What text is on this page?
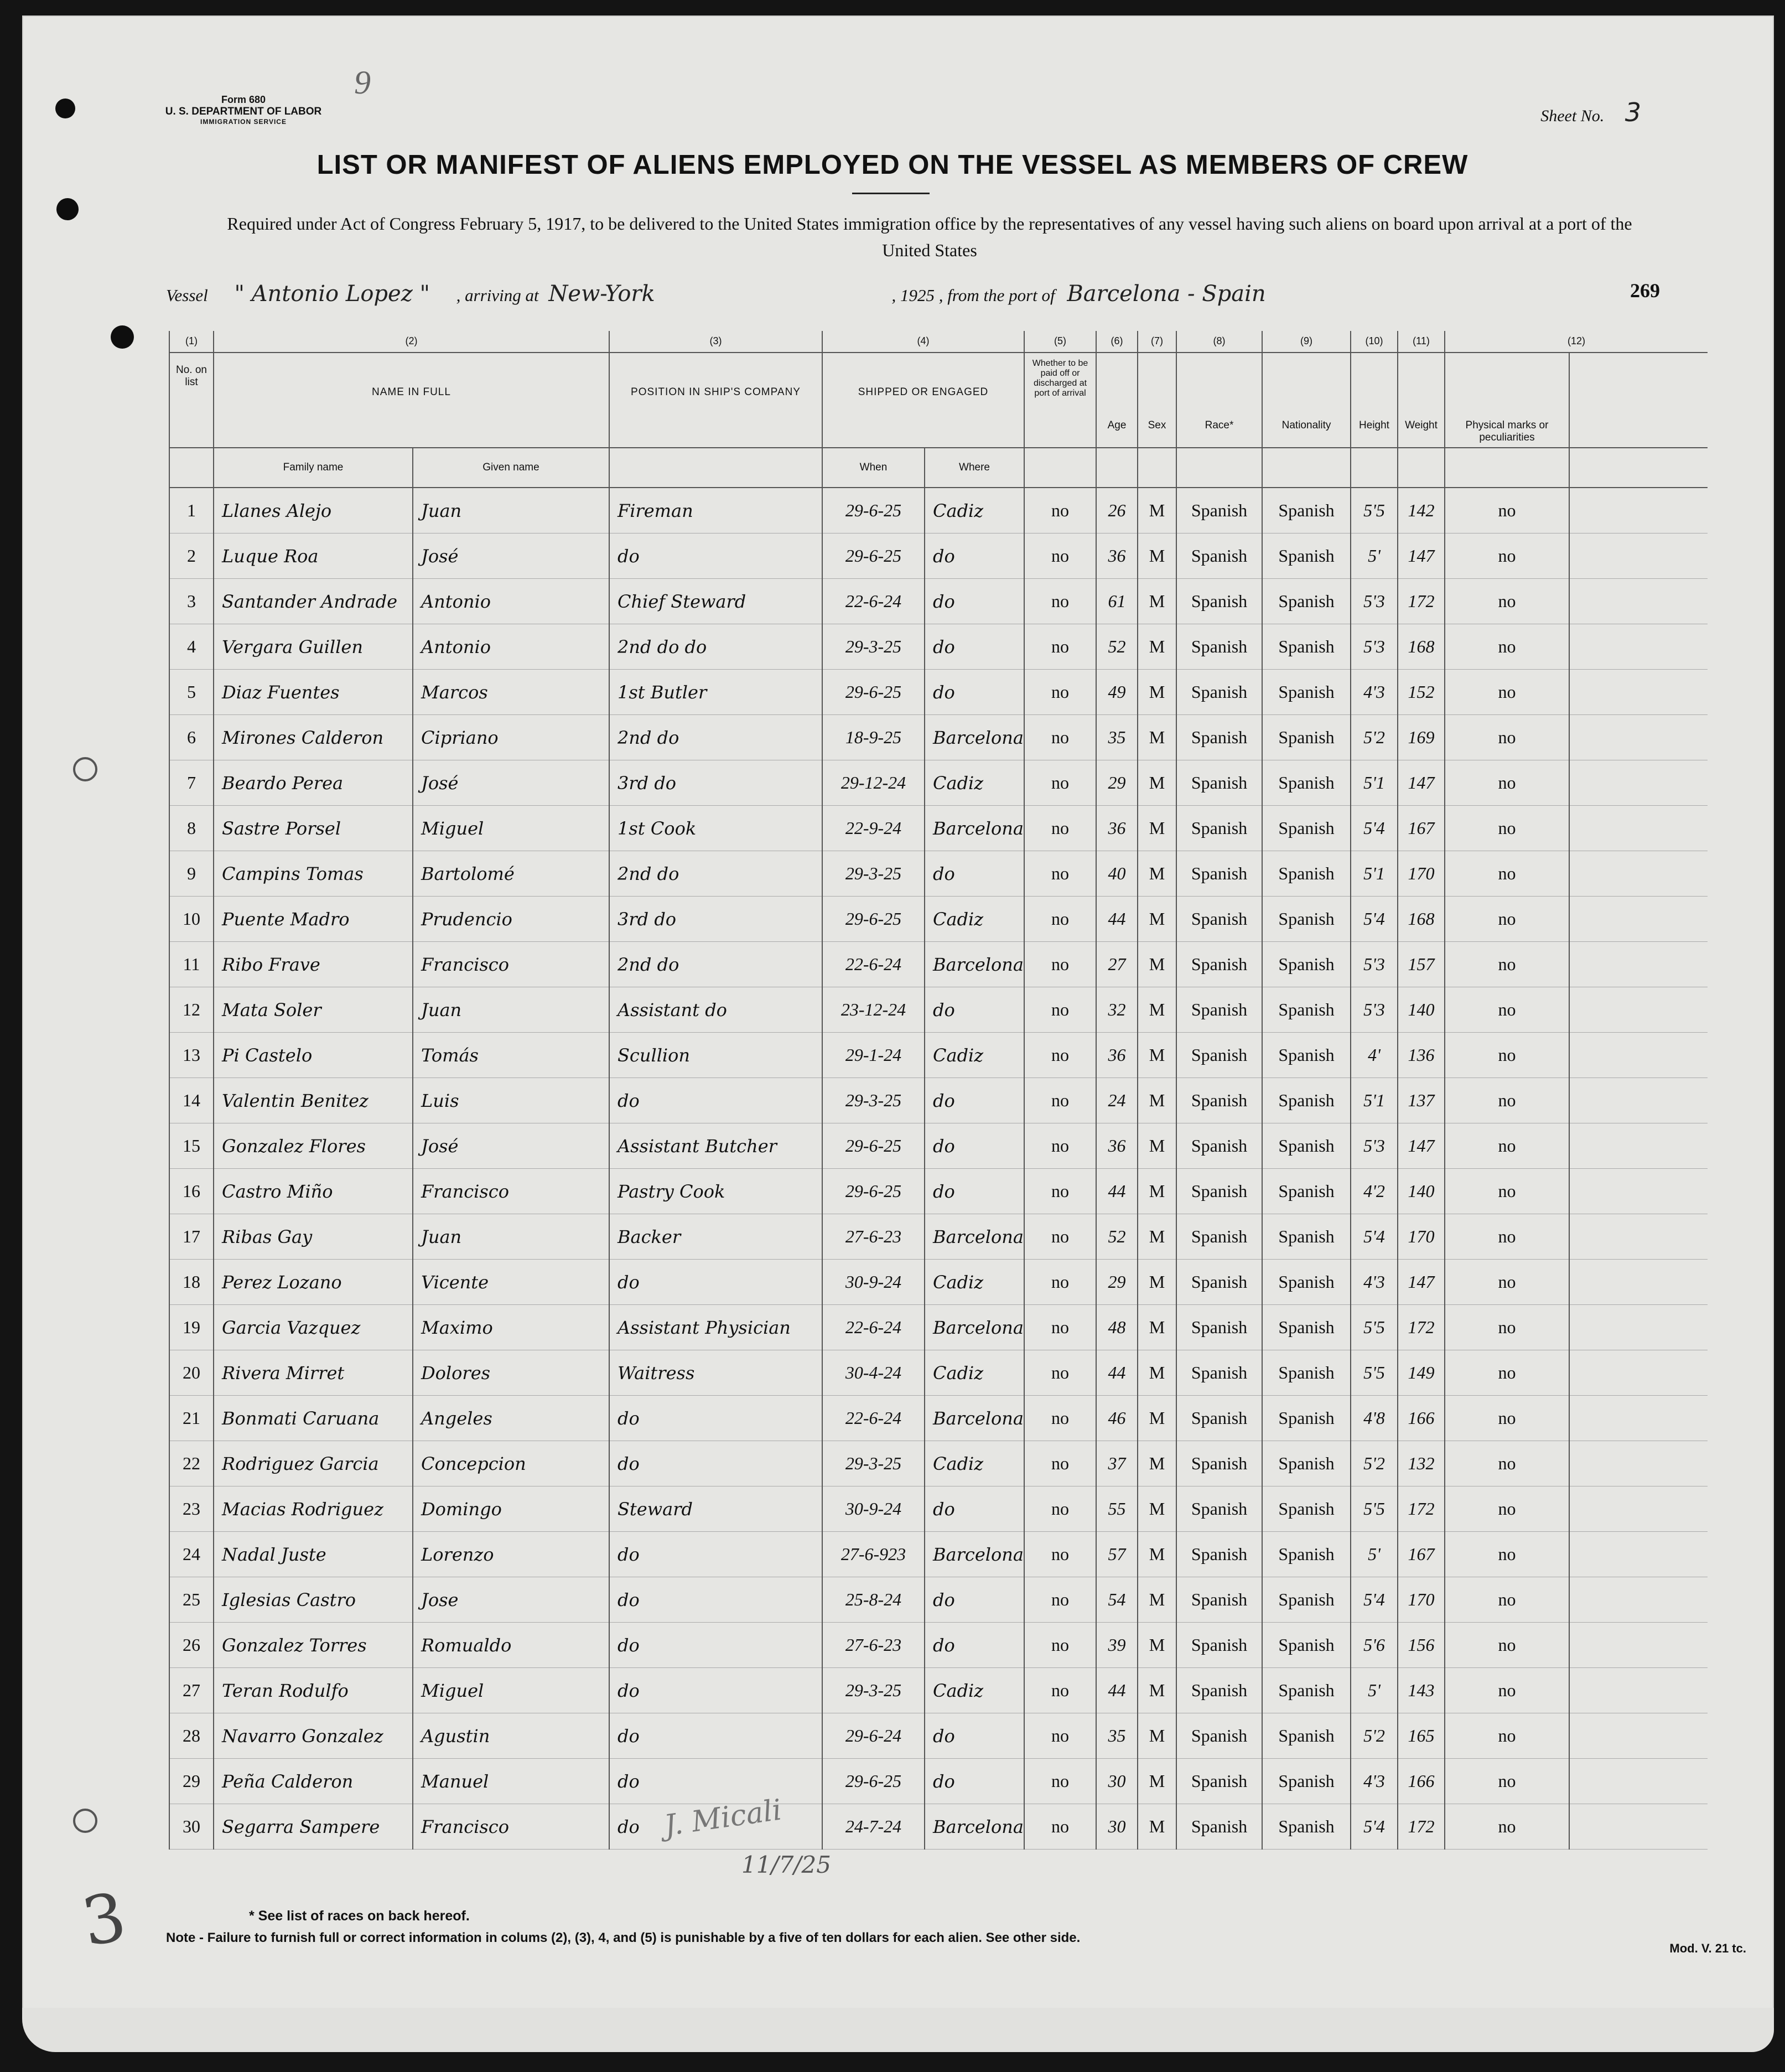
Form 680
U. S. DEPARTMENT OF LABOR
IMMIGRATION SERVICE
9
Sheet No. 3
LIST OR MANIFEST OF ALIENS EMPLOYED ON THE VESSEL AS MEMBERS OF CREW
Required under Act of Congress February 5, 1917, to be delivered to the United States immigration office by the representatives of any vessel having such aliens on board upon arrival at a port of the United States
Vessel " Antonio Lopez " , arriving at New-York	, 1925 , from the port of Barcelona - Spain	269
(1)	(2)		(3)	(4)		(5)	(6)	(7)	(8)	(9)	(10)	(11)	(12)	
No. on list	NAME IN FULL		POSITION IN SHIP'S COMPANY	SHIPPED OR ENGAGED		Whether to be paid off or discharged at port of arrival	Age	Sex	Race*	Nationality	Height	Weight	Physical marks or peculiarities	
	Family name	Given name		When	Where									
1	Llanes Alejo	Juan	Fireman	29-6-25	Cadiz	no	26	M	Spanish	Spanish	5'5	142	no	
2	Luque Roa	José	do	29-6-25	do	no	36	M	Spanish	Spanish	5'	147	no	
3	Santander Andrade	Antonio	Chief Steward	22-6-24	do	no	61	M	Spanish	Spanish	5'3	172	no	
4	Vergara Guillen	Antonio	2nd do do	29-3-25	do	no	52	M	Spanish	Spanish	5'3	168	no	
5	Diaz Fuentes	Marcos	1st Butler	29-6-25	do	no	49	M	Spanish	Spanish	4'3	152	no	
6	Mirones Calderon	Cipriano	2nd do	18-9-25	Barcelona	no	35	M	Spanish	Spanish	5'2	169	no	
7	Beardo Perea	José	3rd do	29-12-24	Cadiz	no	29	M	Spanish	Spanish	5'1	147	no	
8	Sastre Porsel	Miguel	1st Cook	22-9-24	Barcelona	no	36	M	Spanish	Spanish	5'4	167	no	
9	Campins Tomas	Bartolomé	2nd do	29-3-25	do	no	40	M	Spanish	Spanish	5'1	170	no	
10	Puente Madro	Prudencio	3rd do	29-6-25	Cadiz	no	44	M	Spanish	Spanish	5'4	168	no	
11	Ribo Frave	Francisco	2nd do	22-6-24	Barcelona	no	27	M	Spanish	Spanish	5'3	157	no	
12	Mata Soler	Juan	Assistant do	23-12-24	do	no	32	M	Spanish	Spanish	5'3	140	no	
13	Pi Castelo	Tomás	Scullion	29-1-24	Cadiz	no	36	M	Spanish	Spanish	4'	136	no	
14	Valentin Benitez	Luis	do	29-3-25	do	no	24	M	Spanish	Spanish	5'1	137	no	
15	Gonzalez Flores	José	Assistant Butcher	29-6-25	do	no	36	M	Spanish	Spanish	5'3	147	no	
16	Castro Miño	Francisco	Pastry Cook	29-6-25	do	no	44	M	Spanish	Spanish	4'2	140	no	
17	Ribas Gay	Juan	Backer	27-6-23	Barcelona	no	52	M	Spanish	Spanish	5'4	170	no	
18	Perez Lozano	Vicente	do	30-9-24	Cadiz	no	29	M	Spanish	Spanish	4'3	147	no	
19	Garcia Vazquez	Maximo	Assistant Physician	22-6-24	Barcelona	no	48	M	Spanish	Spanish	5'5	172	no	
20	Rivera Mirret	Dolores	Waitress	30-4-24	Cadiz	no	44	M	Spanish	Spanish	5'5	149	no	
21	Bonmati Caruana	Angeles	do	22-6-24	Barcelona	no	46	M	Spanish	Spanish	4'8	166	no	
22	Rodriguez Garcia	Concepcion	do	29-3-25	Cadiz	no	37	M	Spanish	Spanish	5'2	132	no	
23	Macias Rodriguez	Domingo	Steward	30-9-24	do	no	55	M	Spanish	Spanish	5'5	172	no	
24	Nadal Juste	Lorenzo	do	27-6-923	Barcelona	no	57	M	Spanish	Spanish	5'	167	no	
25	Iglesias Castro	Jose	do	25-8-24	do	no	54	M	Spanish	Spanish	5'4	170	no	
26	Gonzalez Torres	Romualdo	do	27-6-23	do	no	39	M	Spanish	Spanish	5'6	156	no	
27	Teran Rodulfo	Miguel	do	29-3-25	Cadiz	no	44	M	Spanish	Spanish	5'	143	no	
28	Navarro Gonzalez	Agustin	do	29-6-24	do	no	35	M	Spanish	Spanish	5'2	165	no	
29	Peña Calderon	Manuel	do	29-6-25	do	no	30	M	Spanish	Spanish	4'3	166	no	
30	Segarra Sampere	Francisco	do	24-7-24	Barcelona	no	30	M	Spanish	Spanish	5'4	172	no	
J. Micali
11/7/25
3	* See list of races on back hereof.
Note - Failure to furnish full or correct information in colums (2), (3), 4, and (5) is punishable by a five of ten dollars for each alien. See other side.
Mod. V. 21 tc.
